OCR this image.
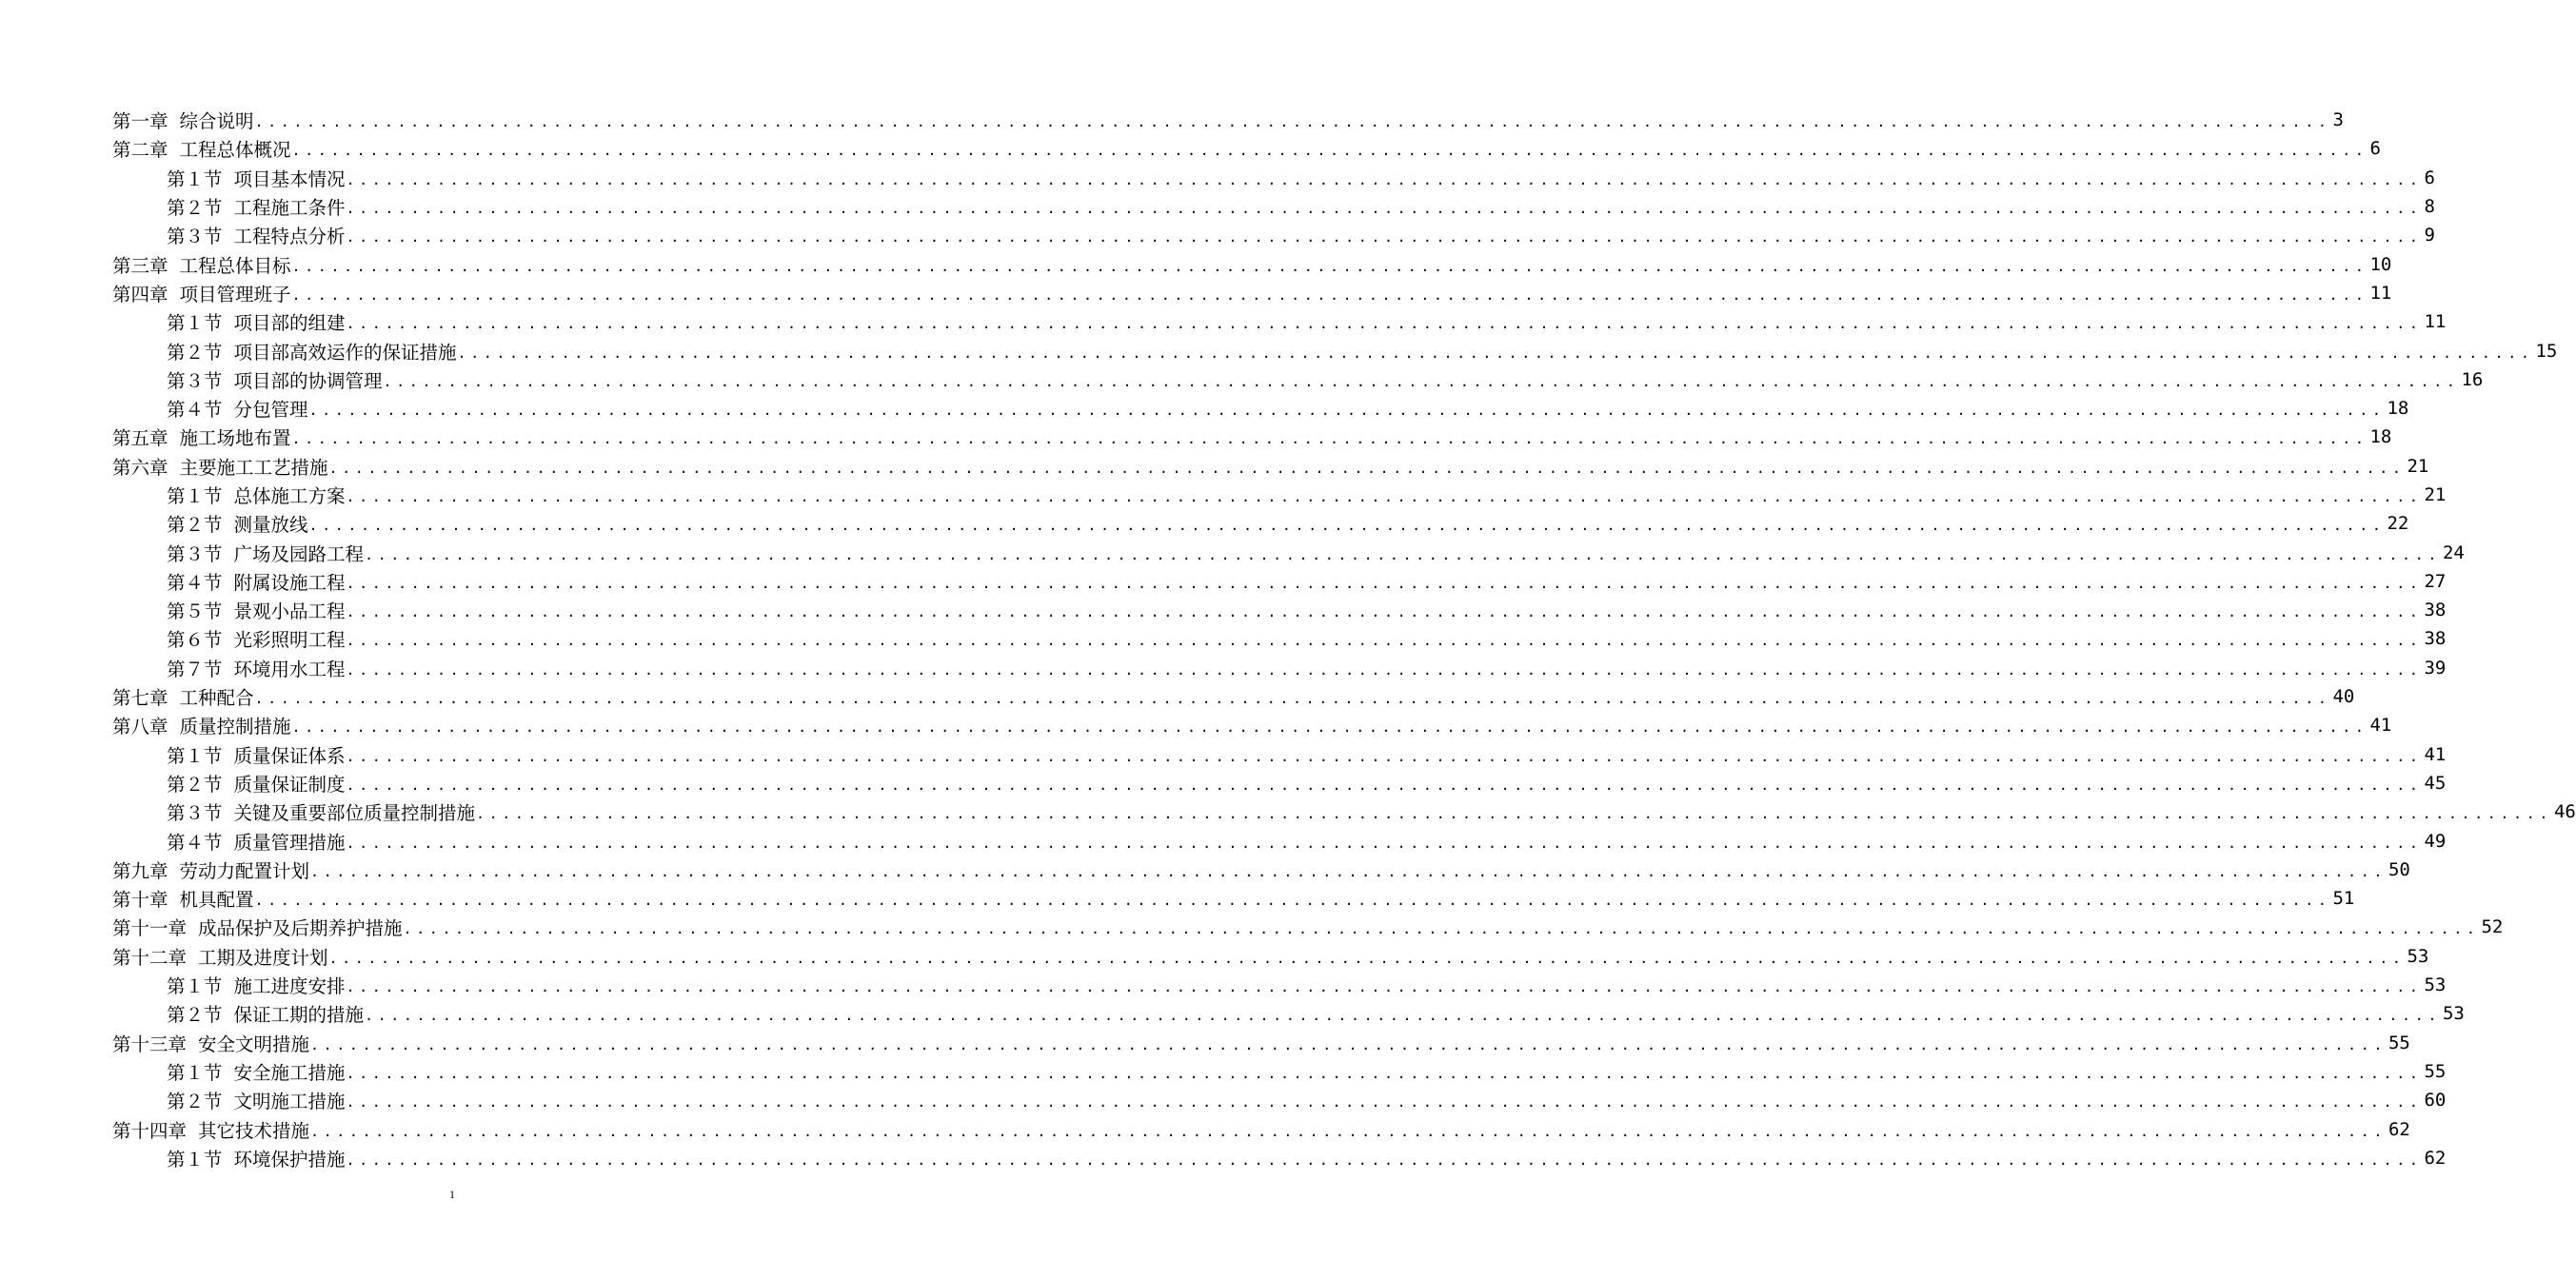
第一章 综合说明 ................................................................................................................................................................ 3
第二章 工程总体概况 ................................................................................................................................................................ 6
第１节 项目基本情况 ................................................................................................................................................................ 6
第２节 工程施工条件 ................................................................................................................................................................ 8
第３节 工程特点分析 ................................................................................................................................................................ 9
第三章 工程总体目标 ................................................................................................................................................................ 10
第四章 项目管理班子 ................................................................................................................................................................ 11
第１节 项目部的组建 ................................................................................................................................................................ 11
第２节 项目部高效运作的保证措施 ................................................................................................................................................................ 15
第３节 项目部的协调管理 ................................................................................................................................................................ 16
第４节 分包管理 ................................................................................................................................................................ 18
第五章 施工场地布置 ................................................................................................................................................................ 18
第六章 主要施工工艺措施 ................................................................................................................................................................ 21
第１节 总体施工方案 ................................................................................................................................................................ 21
第２节 测量放线 ................................................................................................................................................................ 22
第３节 广场及园路工程 ................................................................................................................................................................ 24
第４节 附属设施工程 ................................................................................................................................................................ 27
第５节 景观小品工程 ................................................................................................................................................................ 38
第６节 光彩照明工程 ................................................................................................................................................................ 38
第７节 环境用水工程 ................................................................................................................................................................ 39
第七章 工种配合 ................................................................................................................................................................ 40
第八章 质量控制措施 ................................................................................................................................................................ 41
第１节 质量保证体系 ................................................................................................................................................................ 41
第２节 质量保证制度 ................................................................................................................................................................ 45
第３节 关键及重要部位质量控制措施 ................................................................................................................................................................ 46
第４节 质量管理措施 ................................................................................................................................................................ 49
第九章 劳动力配置计划 ................................................................................................................................................................ 50
第十章 机具配置 ................................................................................................................................................................ 51
第十一章 成品保护及后期养护措施 ................................................................................................................................................................ 52
第十二章 工期及进度计划 ................................................................................................................................................................ 53
第１节 施工进度安排 ................................................................................................................................................................ 53
第２节 保证工期的措施 ................................................................................................................................................................ 53
第十三章 安全文明措施 ................................................................................................................................................................ 55
第１节 安全施工措施 ................................................................................................................................................................ 55
第２节 文明施工措施 ................................................................................................................................................................ 60
第十四章 其它技术措施 ................................................................................................................................................................ 62
第１节 环境保护措施 ................................................................................................................................................................ 62
1
